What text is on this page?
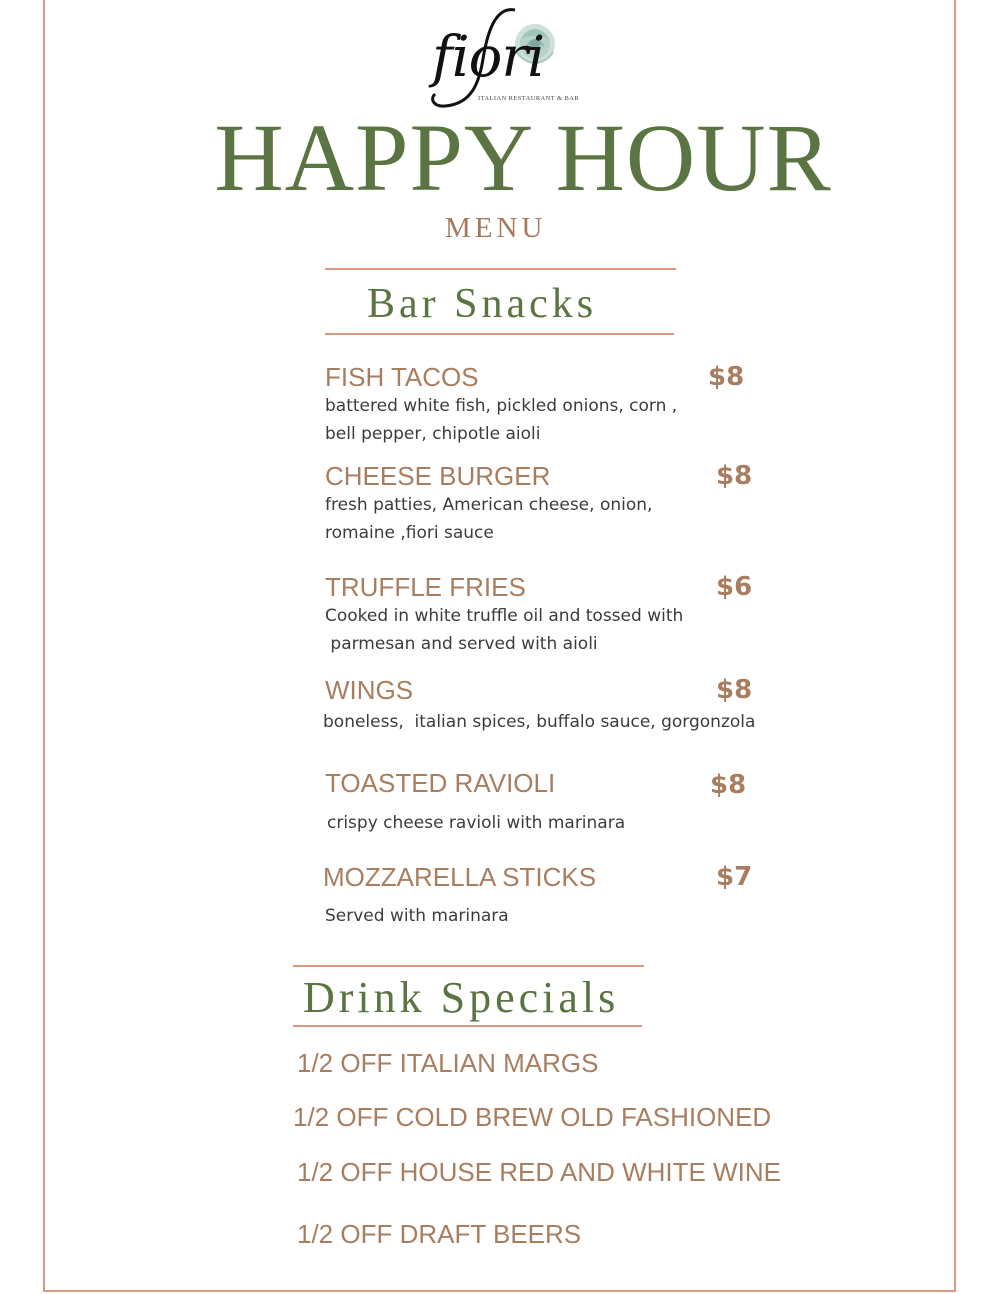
fiori
ITALIAN RESTAURANT & BAR
HAPPY HOUR
MENU
Bar Snacks
FISH TACOS	$8
battered white fish, pickled onions, corn ,
bell pepper, chipotle aioli
CHEESE BURGER	$8
fresh patties, American cheese, onion,
romaine ,fiori sauce
TRUFFLE FRIES	$6
Cooked in white truffle oil and tossed with
parmesan and served with aioli
WINGS	$8
boneless,  italian spices, buffalo sauce, gorgonzola
TOASTED RAVIOLI	$8
crispy cheese ravioli with marinara
MOZZARELLA STICKS	$7
Served with marinara
Drink Specials
1/2 OFF ITALIAN MARGS
1/2 OFF COLD BREW OLD FASHIONED
1/2 OFF HOUSE RED AND WHITE WINE
1/2 OFF DRAFT BEERS
